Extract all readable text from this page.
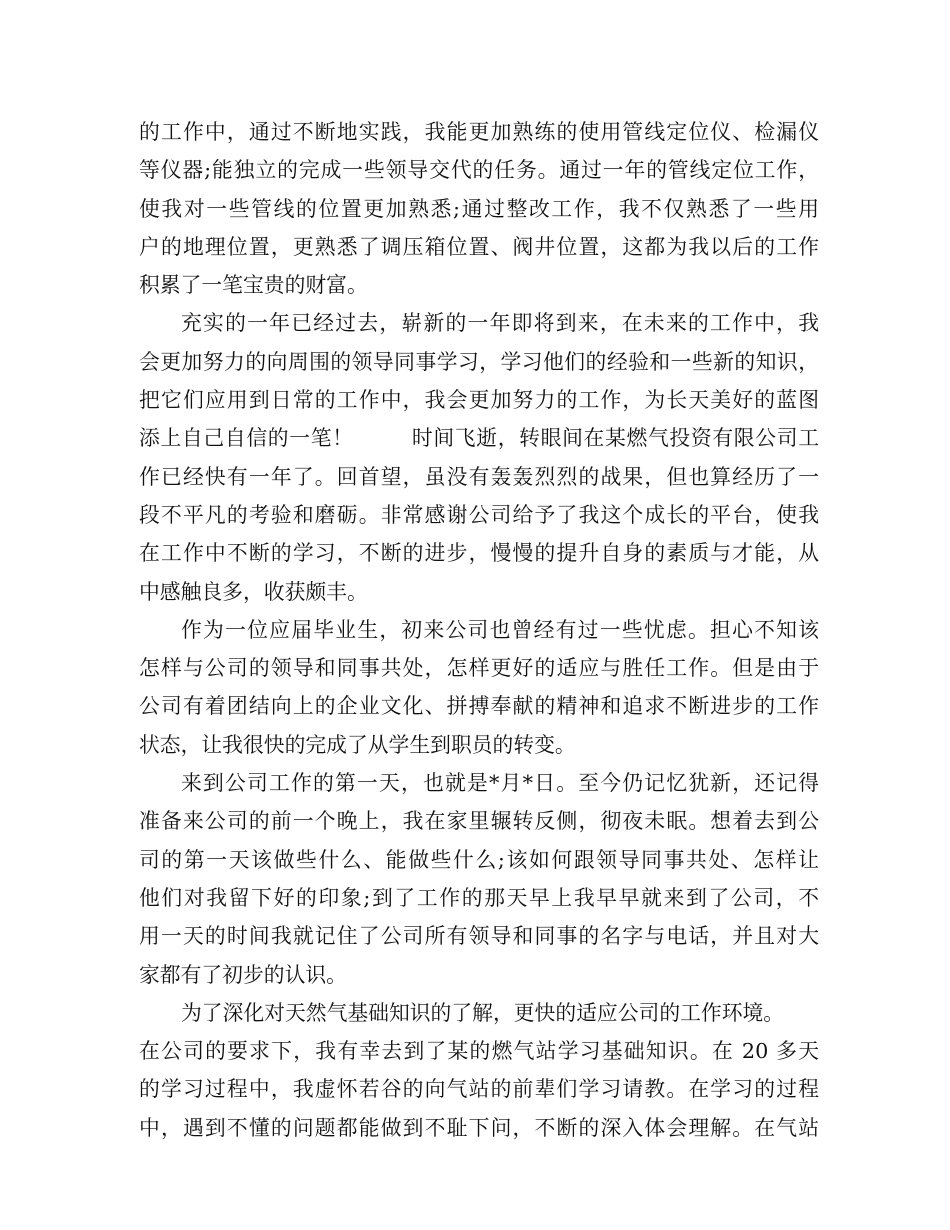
的工作中，通过不断地实践，我能更加熟练的使用管线定位仪、检漏仪
等仪器;能独立的完成一些领导交代的任务。通过一年的管线定位工作，
使我对一些管线的位置更加熟悉;通过整改工作，我不仅熟悉了一些用
户的地理位置，更熟悉了调压箱位置、阀井位置，这都为我以后的工作
积累了一笔宝贵的财富。
充实的一年已经过去，崭新的一年即将到来，在未来的工作中，我
会更加努力的向周围的领导同事学习，学习他们的经验和一些新的知识，
把它们应用到日常的工作中，我会更加努力的工作，为长天美好的蓝图
添上自己自信的一笔！        时间飞逝，转眼间在某燃气投资有限公司工
作已经快有一年了。回首望，虽没有轰轰烈烈的战果，但也算经历了一
段不平凡的考验和磨砺。非常感谢公司给予了我这个成长的平台，使我
在工作中不断的学习，不断的进步，慢慢的提升自身的素质与才能，从
中感触良多，收获颇丰。
作为一位应届毕业生，初来公司也曾经有过一些忧虑。担心不知该
怎样与公司的领导和同事共处，怎样更好的适应与胜任工作。但是由于
公司有着团结向上的企业文化、拼搏奉献的精神和追求不断进步的工作
状态，让我很快的完成了从学生到职员的转变。
来到公司工作的第一天，也就是*月*日。至今仍记忆犹新，还记得
准备来公司的前一个晚上，我在家里辗转反侧，彻夜未眠。想着去到公
司的第一天该做些什么、能做些什么;该如何跟领导同事共处、怎样让
他们对我留下好的印象;到了工作的那天早上我早早就来到了公司，不
用一天的时间我就记住了公司所有领导和同事的名字与电话，并且对大
家都有了初步的认识。
为了深化对天然气基础知识的了解，更快的适应公司的工作环境。
在公司的要求下，我有幸去到了某的燃气站学习基础知识。在 20 多天
的学习过程中，我虚怀若谷的向气站的前辈们学习请教。在学习的过程
中，遇到不懂的问题都能做到不耻下问，不断的深入体会理解。在气站
